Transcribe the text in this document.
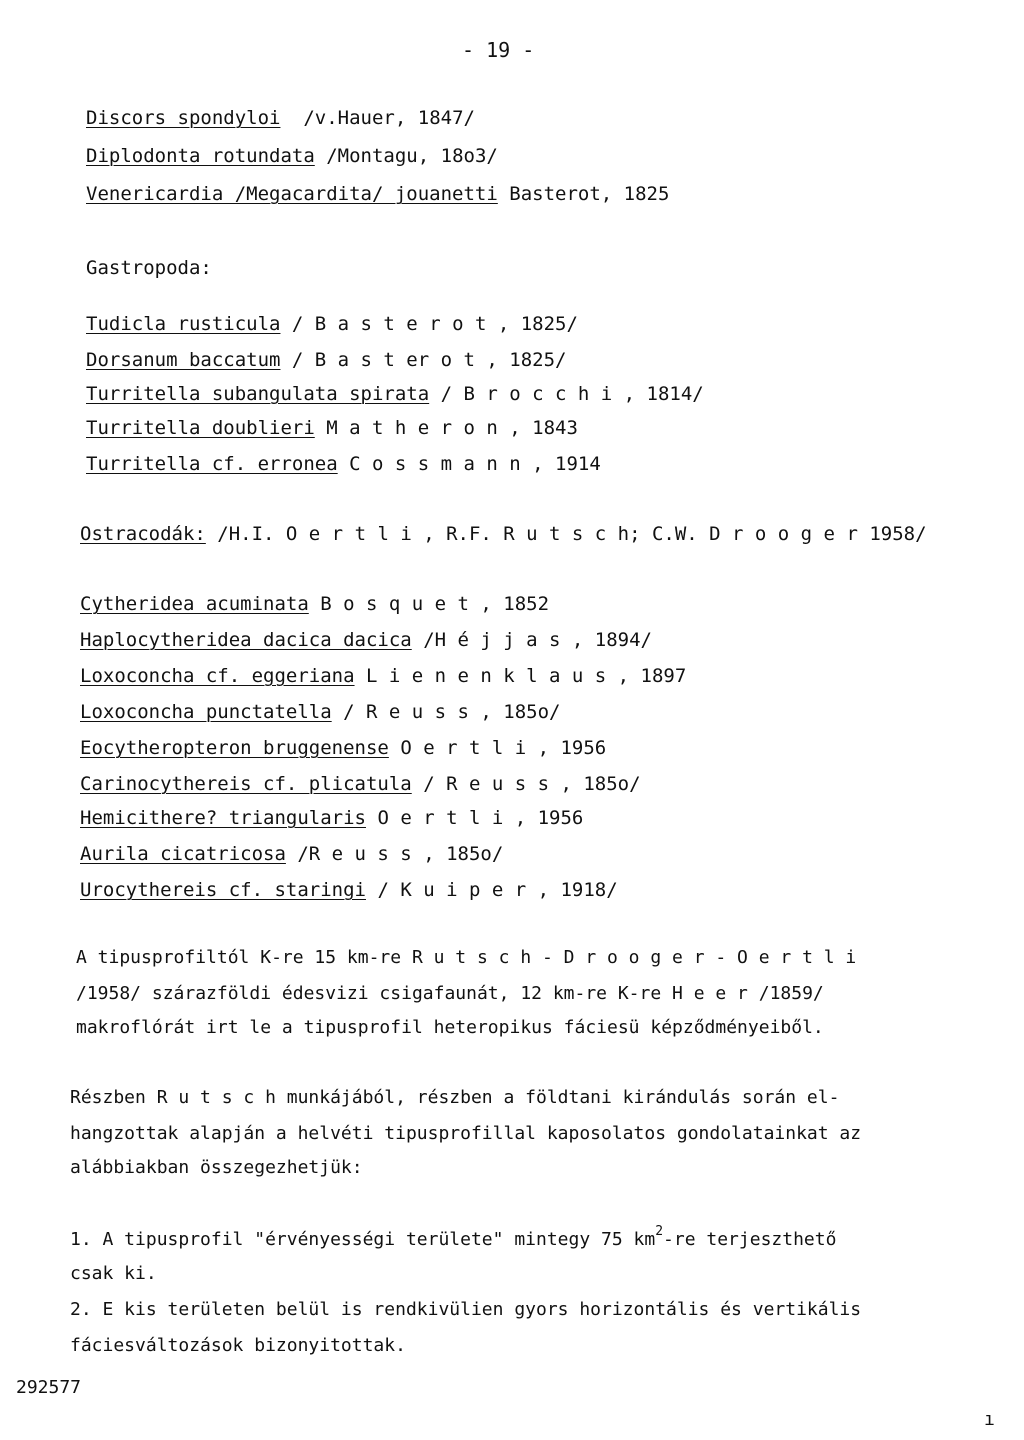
- 19 -
Discors spondyloi /v.Hauer, 1847/
Diplodonta rotundata /Montagu, 18o3/
Venericardia /Megacardita/ jouanetti Basterot, 1825
Gastropoda:
Tudicla rusticula / B a s t e r o t , 1825/
Dorsanum baccatum / B a s t er o t , 1825/
Turritella subangulata spirata / B r o c c h i , 1814/
Turritella doublieri M a t h e r o n , 1843
Turritella cf. erronea C o s s m a n n , 1914
Ostracodák: /H.I. O e r t l i , R.F. R u t s c h; C.W. D r o o g e r 1958/
Cytheridea acuminata B o s q u e t , 1852
Haplocytheridea dacica dacica /H é j j a s , 1894/
Loxoconcha cf. eggeriana L i e n e n k l a u s , 1897
Loxoconcha punctatella / R e u s s , 185o/
Eocytheropteron bruggenense O e r t l i , 1956
Carinocythereis cf. plicatula / R e u s s , 185o/
Hemicithere? triangularis O e r t l i , 1956
Aurila cicatricosa /R e u s s , 185o/
Urocythereis cf. staringi / K u i p e r , 1918/
A tipusprofiltól K-re 15 km-re R u t s c h - D r o o g e r - O e r t l i
/1958/ szárazföldi édesvizi csigafaunát, 12 km-re K-re H e e r /1859/
makroflórát irt le a tipusprofil heteropikus fáciesü képződményeiből.
Részben R u t s c h munkájából, részben a földtani kirándulás során el-
hangzottak alapján a helvéti tipusprofillal kaposolatos gondolatainkat az
alábbiakban összegezhetjük:
1. A tipusprofil "érvényességi területe" mintegy 75 $km^2-re$ terjeszthető
csak ki.
2. E kis területen belül is rendkivülien gyors horizontális és vertikális
fáciesváltozások bizonyitottak.
292577
ı
